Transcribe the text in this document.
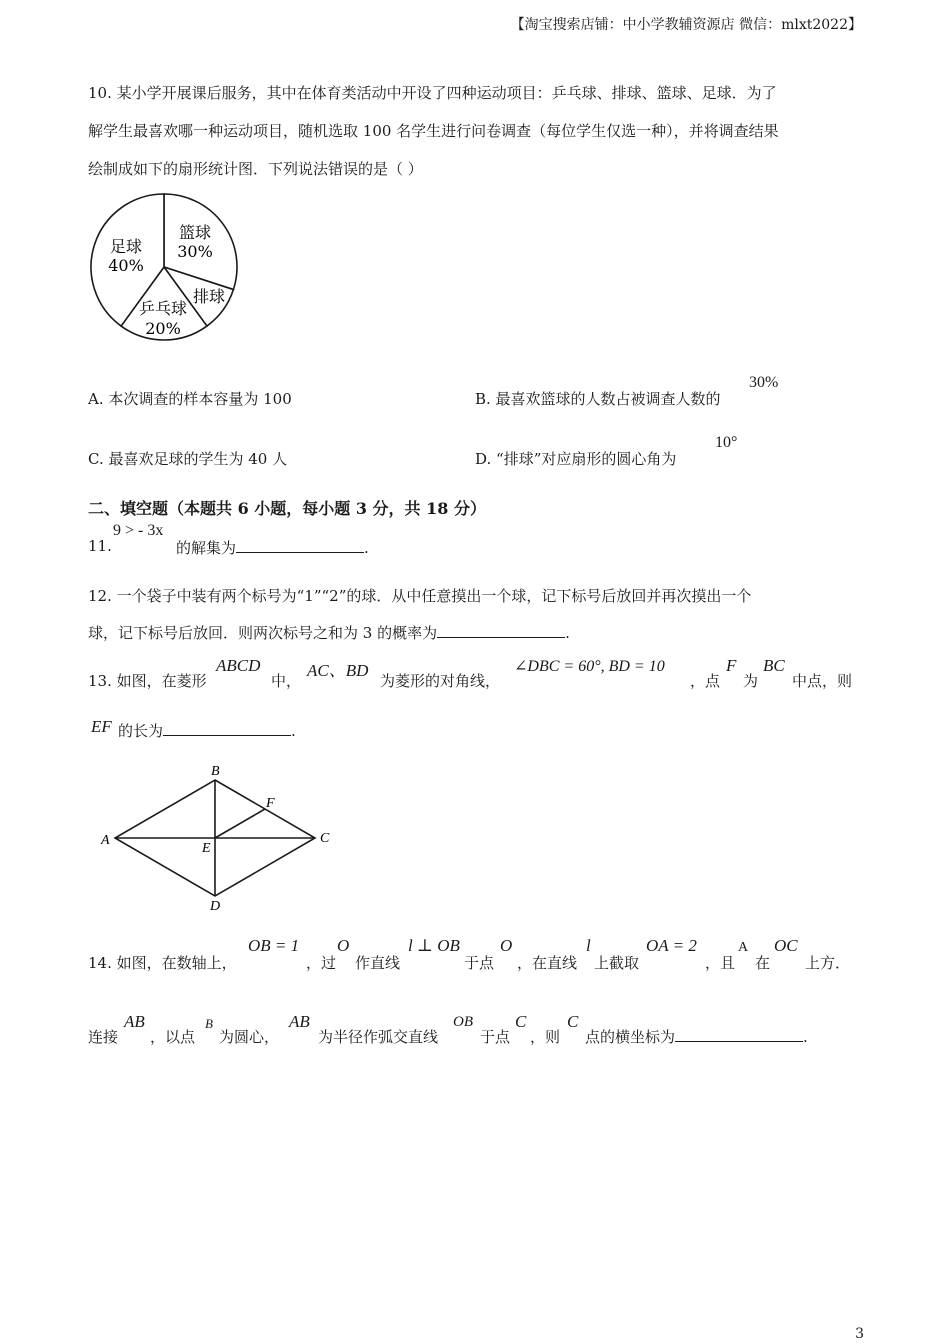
【淘宝搜索店铺：中小学教辅资源店 微信：mlxt2022】
10. 某小学开展课后服务，其中在体育类活动中开设了四种运动项目：乒乓球、排球、篮球、足球．为了
解学生最喜欢哪一种运动项目，随机选取 100 名学生进行问卷调查（每位学生仅选一种），并将调查结果
绘制成如下的扇形统计图．下列说法错误的是（ ）
篮球
30%
排球
乒乓球
20%
足球
40%
A. 本次调查的样本容量为 100	B. 最喜欢篮球的人数占被调查人数的
30%
C. 最喜欢足球的学生为 40 人	D. “排球”对应扇形的圆心角为
10°
二、填空题（本题共 6 小题，每小题 3 分，共 18 分）
11.
9 > - 3x
的解集为	.
12. 一个袋子中装有两个标号为“1”“2”的球．从中任意摸出一个球，记下标号后放回并再次摸出一个
球，记下标号后放回．则两次标号之和为 3 的概率为	.
13. 如图，在菱形
ABCD
中，
AC、BD
为菱形的对角线，
∠DBC = 60°, BD = 10
，点
F
为
BC
中点，则
EF 的长为	.
A
B
C
D
E
F
14. 如图，在数轴上，
OB = 1
，过
O
作直线
l ⊥ OB
于点
O
，在直线
l
上截取
OA = 2
，且
A
在
OC
上方．
连接
AB
，以点
B
为圆心，
AB
为半径作弧交直线
OB
于点
C
，则
C
点的横坐标为	.
3
